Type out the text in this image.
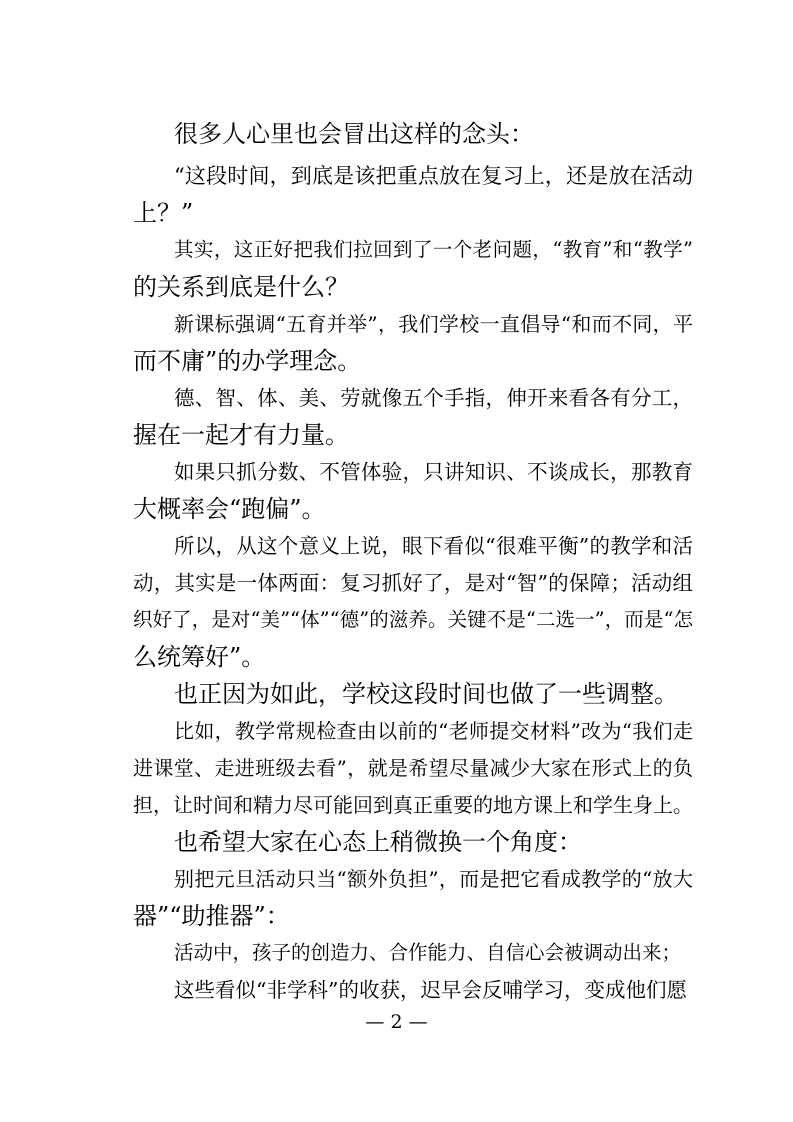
很多人心里也会冒出这样的念头：
“这段时间，到底是该把重点放在复习上，还是放在活动
上？”
其实，这正好把我们拉回到了一个老问题，“教育”和“教学”
的关系到底是什么？
新课标强调“五育并举”，我们学校一直倡导“和而不同，平
而不庸”的办学理念。
德、智、体、美、劳就像五个手指，伸开来看各有分工，
握在一起才有力量。
如果只抓分数、不管体验，只讲知识、不谈成长，那教育
大概率会“跑偏”。
所以，从这个意义上说，眼下看似“很难平衡”的教学和活
动，其实是一体两面：复习抓好了，是对“智”的保障；活动组
织好了，是对“美”“体”“德”的滋养。关键不是“二选一”，而是“怎
么统筹好”。
也正因为如此，学校这段时间也做了一些调整。
比如，教学常规检查由以前的“老师提交材料”改为“我们走
进课堂、走进班级去看”，就是希望尽量减少大家在形式上的负
担，让时间和精力尽可能回到真正重要的地方课上和学生身上。
也希望大家在心态上稍微换一个角度：
别把元旦活动只当“额外负担”，而是把它看成教学的“放大
器”“助推器”：
活动中，孩子的创造力、合作能力、自信心会被调动出来；
这些看似“非学科”的收获，迟早会反哺学习，变成他们愿
— 2 —
